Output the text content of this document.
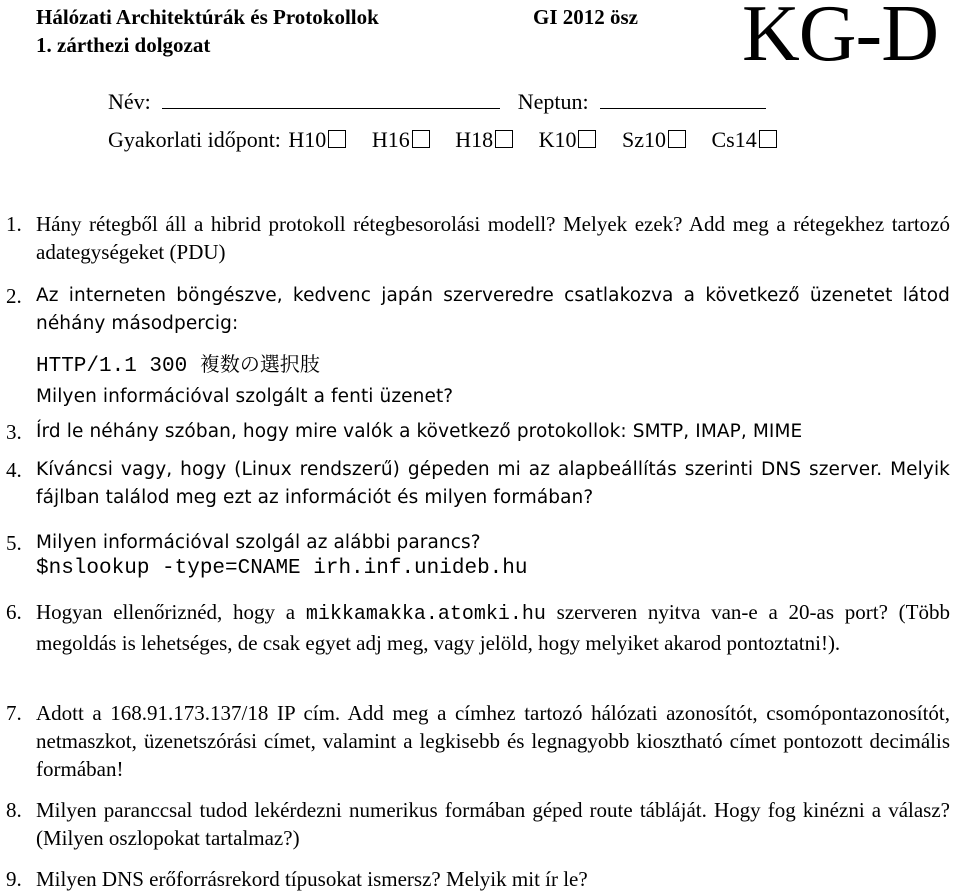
Hálózati Architektúrák és Protokollok
1. zárthezi dolgozat
GI 2012 ösz KG-D
Név:	Neptun:
Gyakorlati időpont: H10 H16 H18 K10 Sz10 Cs14
1. Hány rétegből áll a hibrid protokoll rétegbesorolási modell? Melyek ezek? Add meg a rétegekhez tartozó adategységeket (PDU)
2. Az interneten böngészve, kedvenc japán szerveredre csatlakozva a következő üzenetet látod néhány másodpercig:
HTTP/1.1 300 複数の選択肢
Milyen információval szolgált a fenti üzenet?
3. Írd le néhány szóban, hogy mire valók a következő protokollok: SMTP, IMAP, MIME
4. Kíváncsi vagy, hogy (Linux rendszerű) gépeden mi az alapbeállítás szerinti DNS szerver. Melyik fájlban találod meg ezt az információt és milyen formában?
5. Milyen információval szolgál az alábbi parancs?
$nslookup -type=CNAME irh.inf.unideb.hu
6. Hogyan ellenőriznéd, hogy a mikkamakka.atomki.hu szerveren nyitva van-e a 20-as port? (Több megoldás is lehetséges, de csak egyet adj meg, vagy jelöld, hogy melyiket akarod pontoztatni!).
7. Adott a 168.91.173.137/18 IP cím. Add meg a címhez tartozó hálózati azonosítót, csomópontazonosítót, netmaszkot, üzenetszórási címet, valamint a legkisebb és legnagyobb kiosztható címet pontozott decimális formában!
8. Milyen paranccsal tudod lekérdezni numerikus formában géped route tábláját. Hogy fog kinézni a válasz? (Milyen oszlopokat tartalmaz?)
9. Milyen DNS erőforrásrekord típusokat ismersz? Melyik mit ír le?
